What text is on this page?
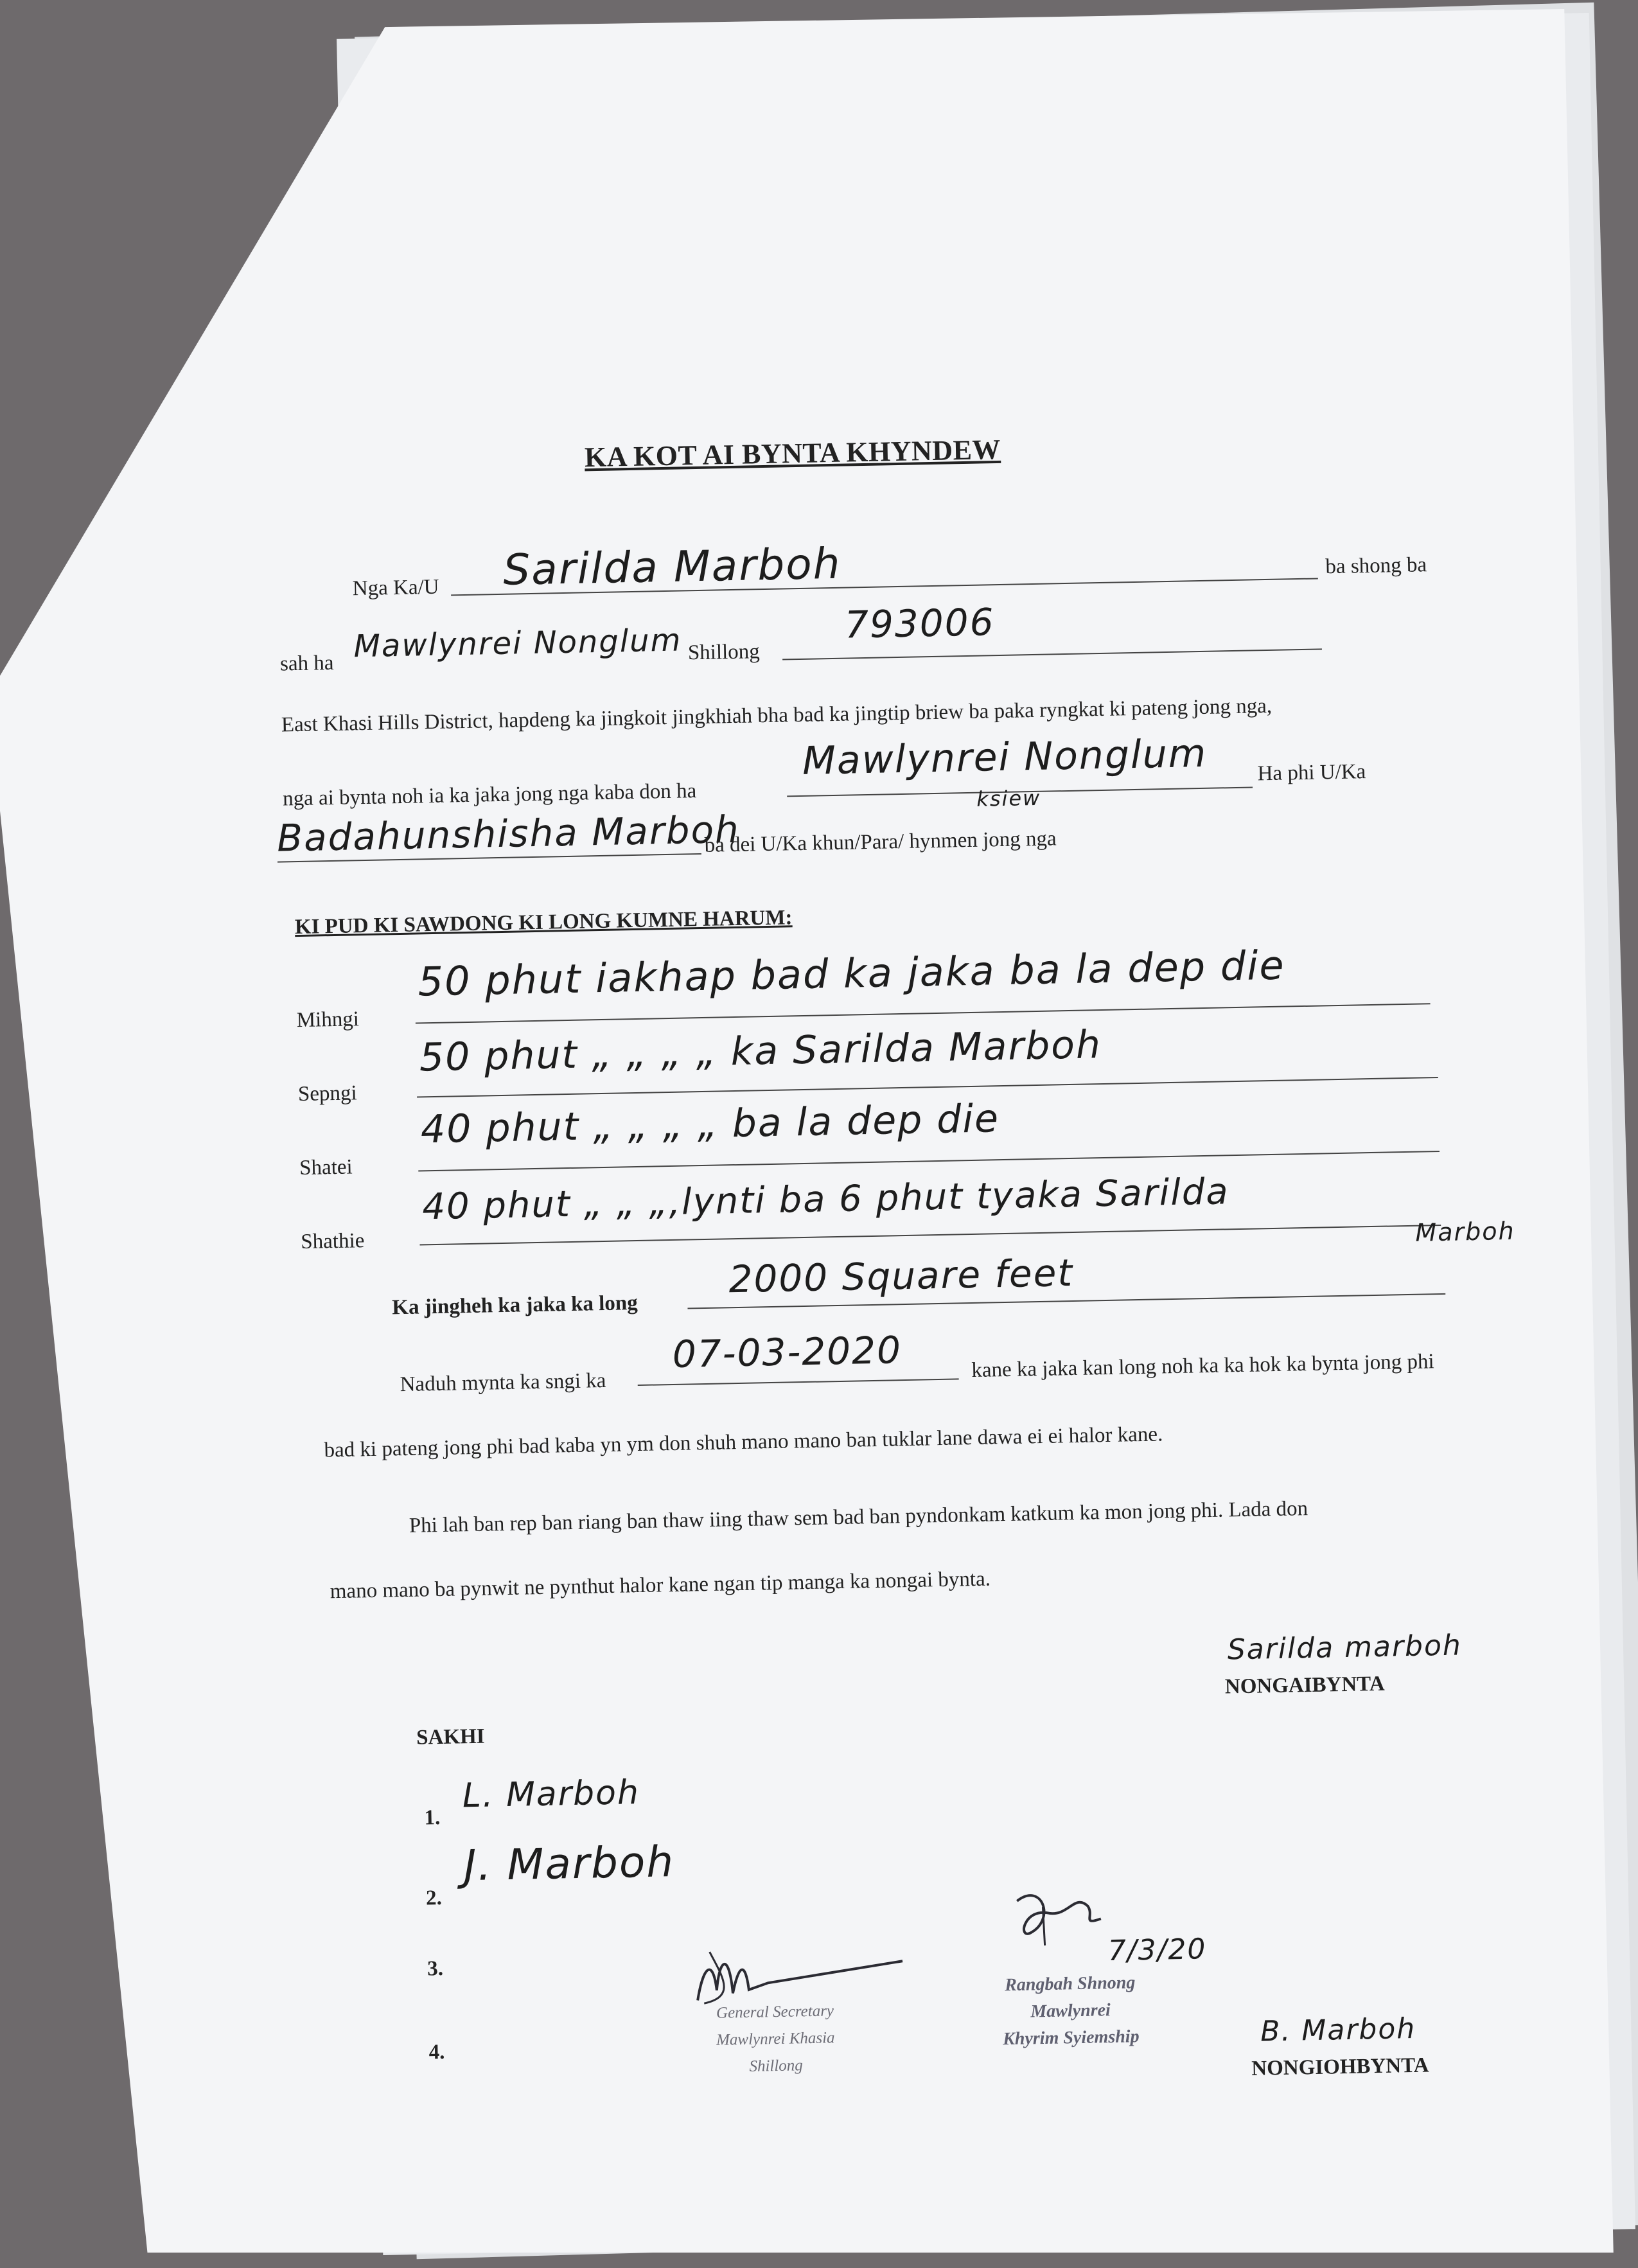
KA KOT AI BYNTA KHYNDEW
Nga Ka/U Sarilda Marboh	ba shong ba
sah ha Mawlynrei Nonglum Shillong
793006
East Khasi Hills District, hapdeng ka jingkoit jingkhiah bha bad ka jingtip briew ba paka ryngkat ki pateng jong nga,
nga ai bynta noh ia ka jaka jong nga kaba don ha
Mawlynrei Nonglum Ha phi U/Ka
Badahunshisha Marboh
ba dei U/Ka khun/Para/ hynmen jong nga
ksiew
KI PUD KI SAWDONG KI LONG KUMNE HARUM:
Mihngi
50 phut iakhap bad ka jaka ba la dep die
Sepngi
50 phut „ „ „ „ ka Sarilda Marboh
Shatei
40 phut „ „ „ „ ba la dep die
Shathie
40 phut „ „ „,lynti ba 6 phut tyaka Sarilda
Marboh
Ka jingheh ka jaka ka long
2000 Square feet
Naduh mynta ka sngi ka
07-03-2020	kane ka jaka kan long noh ka ka hok ka bynta jong phi
bad ki pateng jong phi bad kaba yn ym don shuh mano mano ban tuklar lane dawa ei ei halor kane.
Phi lah ban rep ban riang ban thaw iing thaw sem bad ban pyndonkam katkum ka mon jong phi. Lada don
mano mano ba pynwit ne pynthut halor kane ngan tip manga ka nongai bynta.
Sarilda marboh
NONGAIBYNTA
SAKHI
1.
L. Marboh
2.
J. Marboh
3.
4.
General Secretary
Mawlynrei Khasia
Shillong
7/3/20
Rangbah Shnong
Mawlynrei
Khyrim Syiemship	B. Marboh
NONGIOHBYNTA
